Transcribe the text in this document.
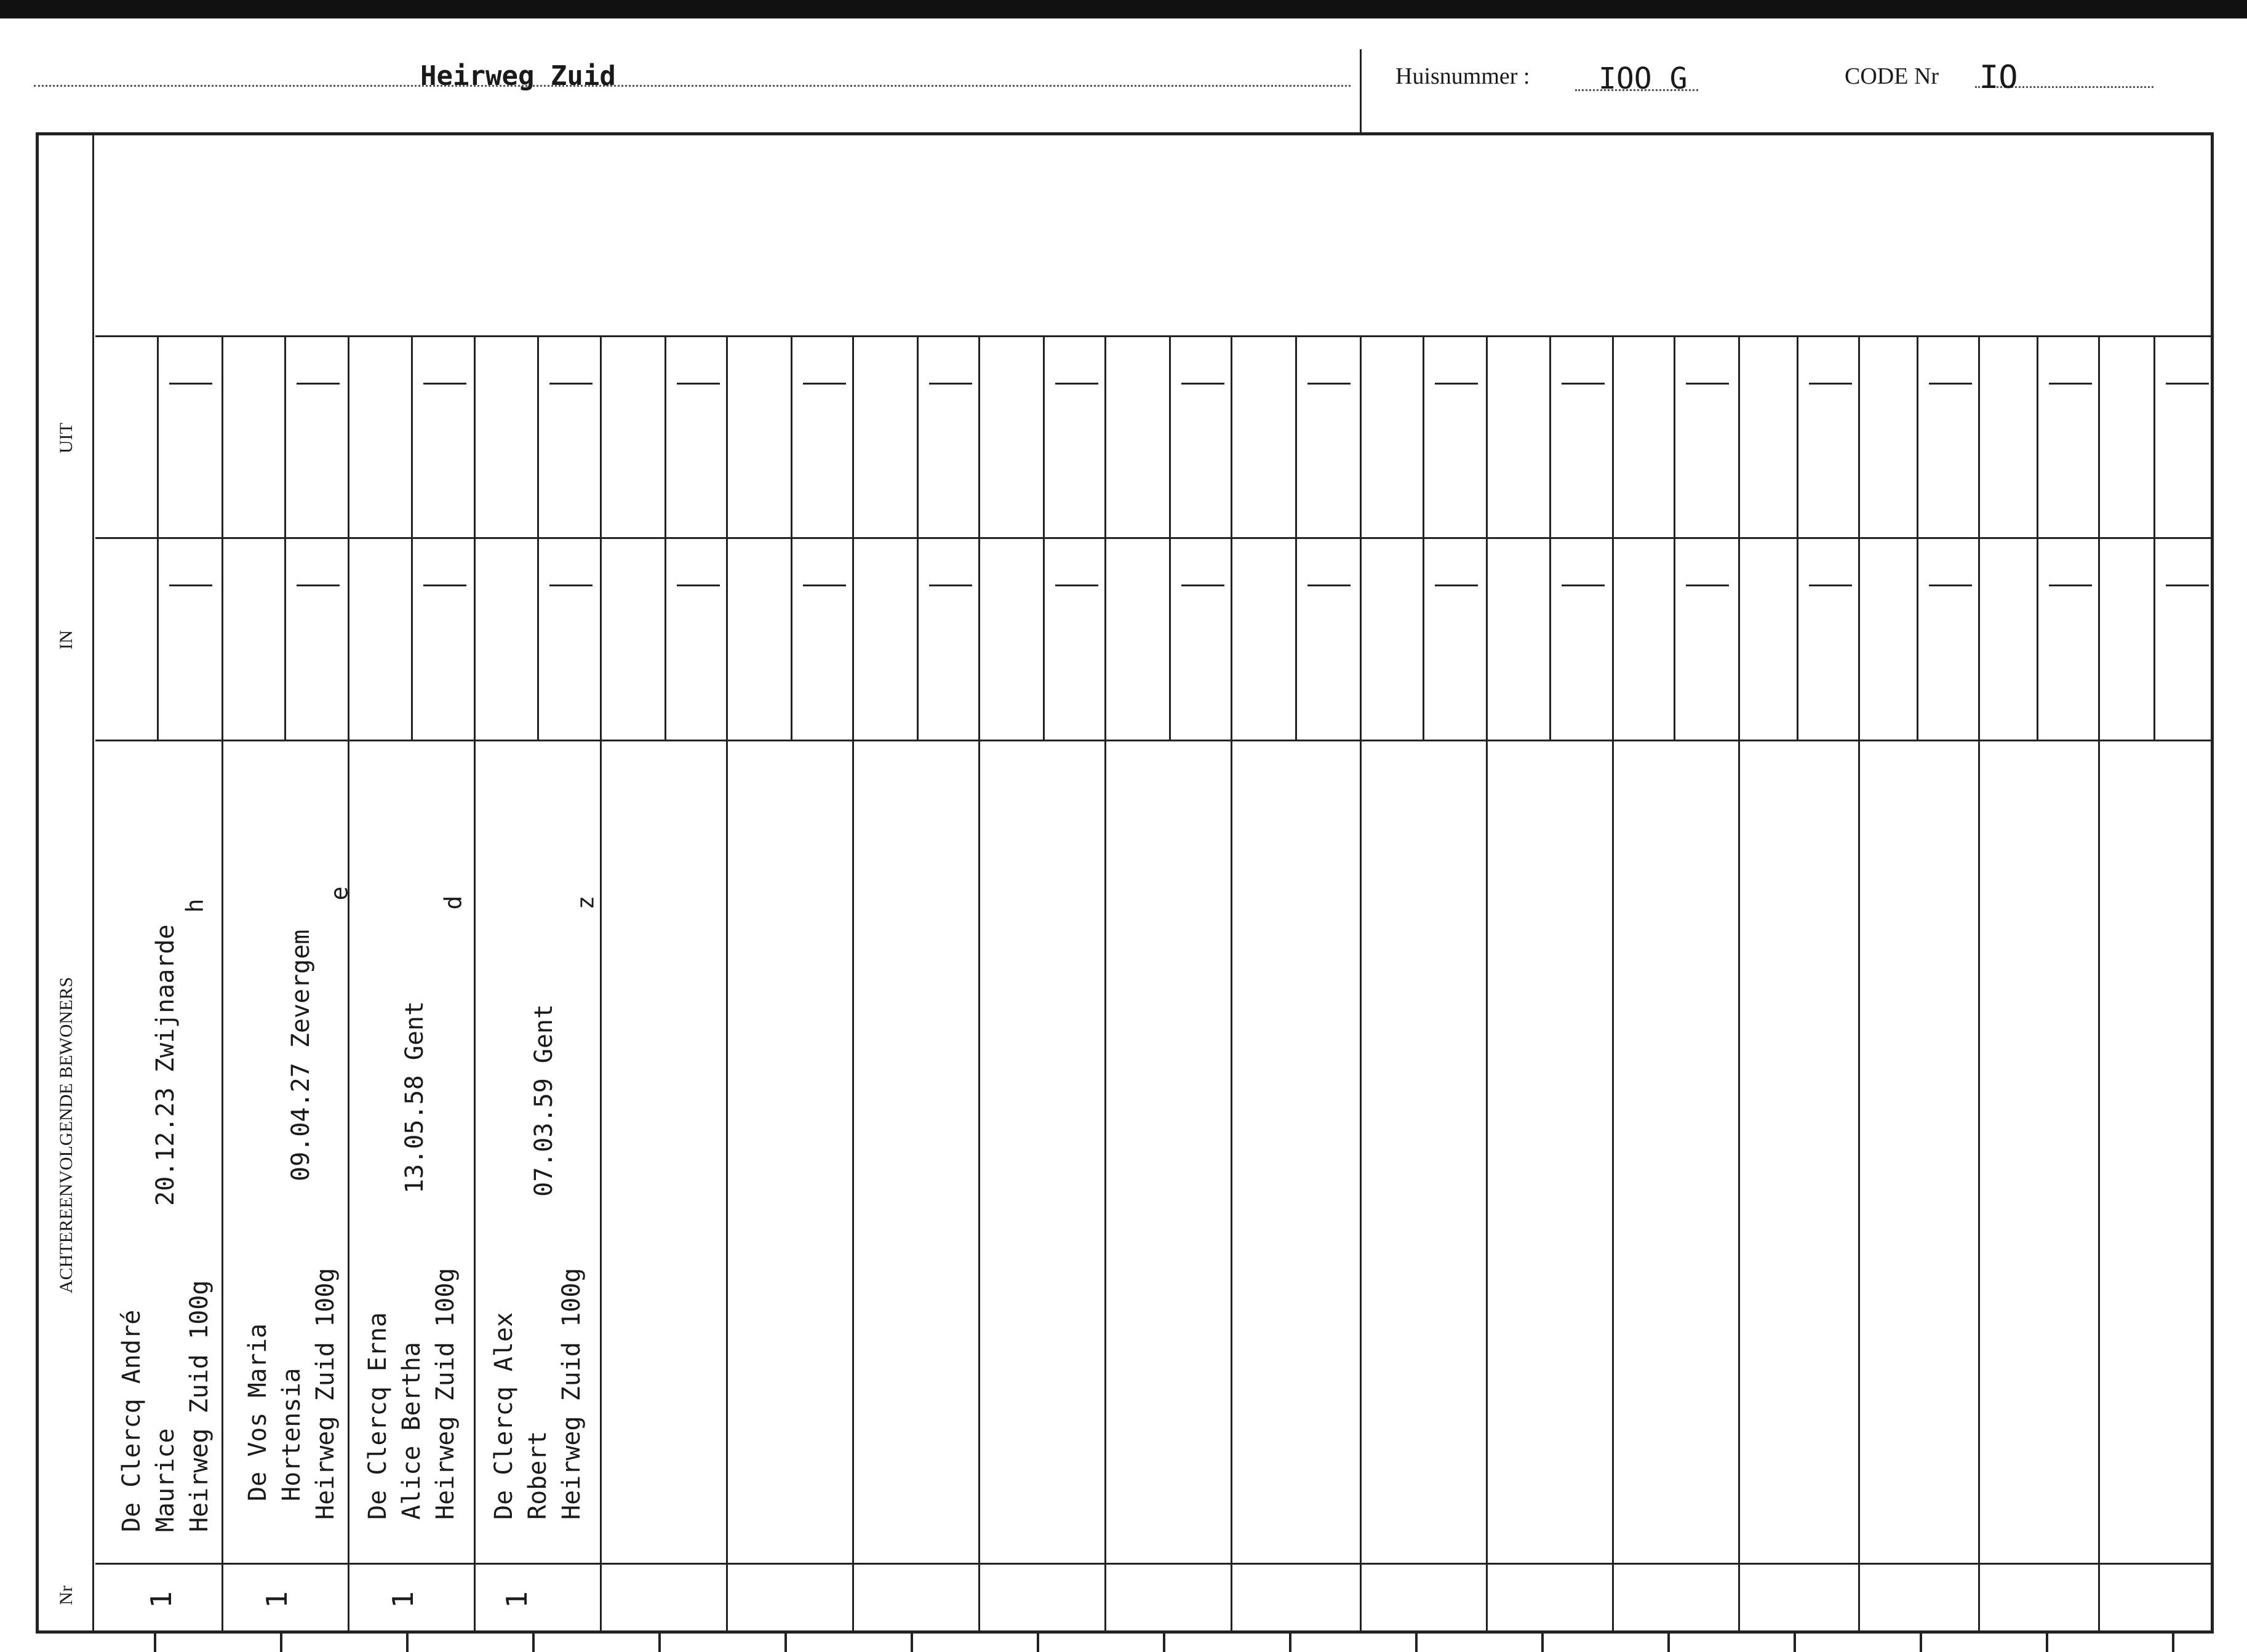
Heirweg Zuid	Huisnummer : IOO G	CODE Nr IO
UIT
IN
ACHTEREENVOLGENDE BEWONERS
Nr
De Clercq André Maurice Heirweg Zuid 100g
20.12.23 Zwijnaarde
h
1
De Vos Maria Hortensia Heirweg Zuid 100g
09.04.27 Zevergem
e
1
De Clercq Erna Alice Bertha Heirweg Zuid 100g
13.05.58 Gent
d
1
De Clercq Alex Robert Heirweg Zuid 100g
07.03.59 Gent
z
1
